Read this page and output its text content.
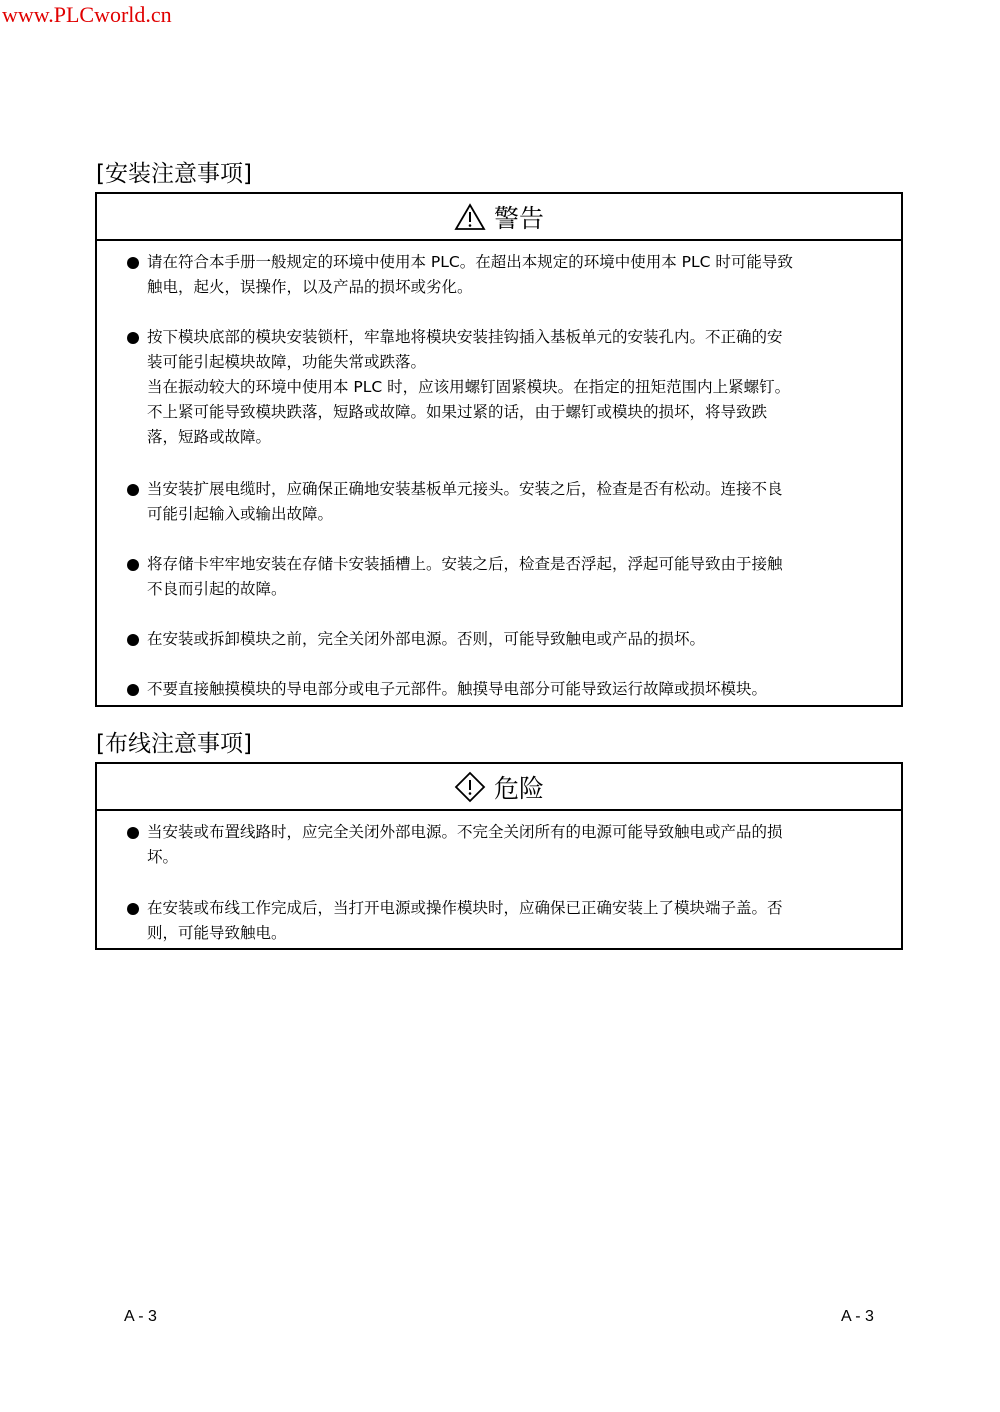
www.PLCworld.cn
[安装注意事项]
警告
请在符合本手册一般规定的环境中使用本 PLC。在超出本规定的环境中使用本 PLC 时可能导致
触电，起火，误操作，以及产品的损坏或劣化。
按下模块底部的模块安装锁杆，牢靠地将模块安装挂钩插入基板单元的安装孔内。不正确的安
装可能引起模块故障，功能失常或跌落。
当在振动较大的环境中使用本 PLC 时，应该用螺钉固紧模块。在指定的扭矩范围内上紧螺钉。
不上紧可能导致模块跌落，短路或故障。如果过紧的话，由于螺钉或模块的损坏，将导致跌
落，短路或故障。
当安装扩展电缆时，应确保正确地安装基板单元接头。安装之后，检查是否有松动。连接不良
可能引起输入或输出故障。
将存储卡牢牢地安装在存储卡安装插槽上。安装之后，检查是否浮起，浮起可能导致由于接触
不良而引起的故障。
在安装或拆卸模块之前，完全关闭外部电源。否则，可能导致触电或产品的损坏。
不要直接触摸模块的导电部分或电子元部件。触摸导电部分可能导致运行故障或损坏模块。
[布线注意事项]
危险
当安装或布置线路时，应完全关闭外部电源。不完全关闭所有的电源可能导致触电或产品的损
坏。
在安装或布线工作完成后，当打开电源或操作模块时，应确保已正确安装上了模块端子盖。否
则，可能导致触电。
A - 3	A - 3
